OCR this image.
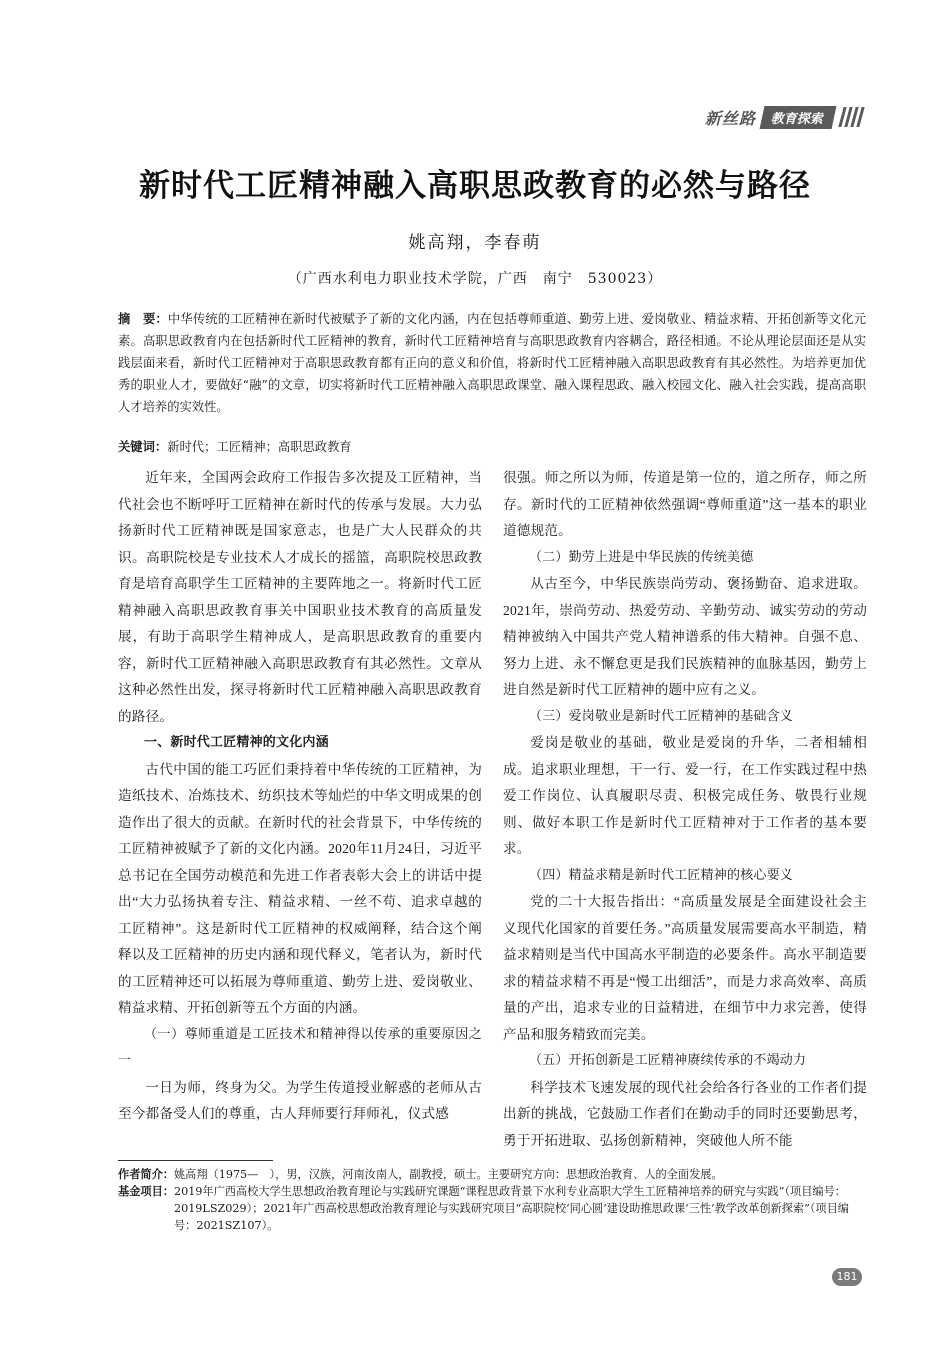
新丝路	教育探索
新时代工匠精神融入高职思政教育的必然与路径
姚高翔，李春萌
（广西水利电力职业技术学院，广西　南宁　530023）
摘　要：中华传统的工匠精神在新时代被赋予了新的文化内涵，内在包括尊师重道、勤劳上进、爱岗敬业、精益求精、开拓创新等文化元素。高职思政教育内在包括新时代工匠精神的教育，新时代工匠精神培育与高职思政教育内容耦合，路径相通。不论从理论层面还是从实践层面来看，新时代工匠精神对于高职思政教育都有正向的意义和价值，将新时代工匠精神融入高职思政教育有其必然性。为培养更加优秀的职业人才，要做好“融”的文章，切实将新时代工匠精神融入高职思政课堂、融入课程思政、融入校园文化、融入社会实践，提高高职人才培养的实效性。
关键词：新时代；工匠精神；高职思政教育

近年来，全国两会政府工作报告多次提及工匠精神，当代社会也不断呼吁工匠精神在新时代的传承与发展。大力弘扬新时代工匠精神既是国家意志，也是广大人民群众的共识。高职院校是专业技术人才成长的摇篮，高职院校思政教育是培育高职学生工匠精神的主要阵地之一。将新时代工匠精神融入高职思政教育事关中国职业技术教育的高质量发展，有助于高职学生精神成人，是高职思政教育的重要内容，新时代工匠精神融入高职思政教育有其必然性。文章从这种必然性出发，探寻将新时代工匠精神融入高职思政教育的路径。

一、新时代工匠精神的文化内涵

古代中国的能工巧匠们秉持着中华传统的工匠精神，为造纸技术、冶炼技术、纺织技术等灿烂的中华文明成果的创造作出了很大的贡献。在新时代的社会背景下，中华传统的工匠精神被赋予了新的文化内涵。2020年11月24日，习近平总书记在全国劳动模范和先进工作者表彰大会上的讲话中提出“大力弘扬执着专注、精益求精、一丝不苟、追求卓越的工匠精神”。这是新时代工匠精神的权威阐释，结合这个阐释以及工匠精神的历史内涵和现代释义，笔者认为，新时代的工匠精神还可以拓展为尊师重道、勤劳上进、爱岗敬业、精益求精、开拓创新等五个方面的内涵。

（一）尊师重道是工匠技术和精神得以传承的重要原因之一

一日为师，终身为父。为学生传道授业解惑的老师从古至今都备受人们的尊重，古人拜师要行拜师礼，仪式感

很强。师之所以为师，传道是第一位的，道之所存，师之所存。新时代的工匠精神依然强调“尊师重道”这一基本的职业道德规范。

（二）勤劳上进是中华民族的传统美德

从古至今，中华民族崇尚劳动、褒扬勤奋、追求进取。2021年，崇尚劳动、热爱劳动、辛勤劳动、诚实劳动的劳动精神被纳入中国共产党人精神谱系的伟大精神。自强不息、努力上进、永不懈怠更是我们民族精神的血脉基因，勤劳上进自然是新时代工匠精神的题中应有之义。

（三）爱岗敬业是新时代工匠精神的基础含义

爱岗是敬业的基础，敬业是爱岗的升华，二者相辅相成。追求职业理想，干一行、爱一行，在工作实践过程中热爱工作岗位、认真履职尽责、积极完成任务、敬畏行业规则、做好本职工作是新时代工匠精神对于工作者的基本要求。

（四）精益求精是新时代工匠精神的核心要义

党的二十大报告指出：“高质量发展是全面建设社会主义现代化国家的首要任务。”高质量发展需要高水平制造，精益求精则是当代中国高水平制造的必要条件。高水平制造要求的精益求精不再是“慢工出细活”，而是力求高效率、高质量的产出，追求专业的日益精进，在细节中力求完善，使得产品和服务精致而完美。

（五）开拓创新是工匠精神赓续传承的不竭动力

科学技术飞速发展的现代社会给各行各业的工作者们提出新的挑战，它鼓励工作者们在勤动手的同时还要勤思考，勇于开拓进取、弘扬创新精神，突破他人所不能

作者简介： 姚高翔（1975—　），男，汉族，河南汝南人，副教授，硕士。主要研究方向：思想政治教育、人的全面发展。
基金项目： 2019年广西高校大学生思想政治教育理论与实践研究课题“课程思政背景下水利专业高职大学生工匠精神培养的研究与实践”（项目编号：2019LSZ029）；2021年广西高校思想政治教育理论与实践研究项目“高职院校‘同心圆’建设助推思政课‘三性’教学改革创新探索”（项目编号：2021SZ107）。
181
